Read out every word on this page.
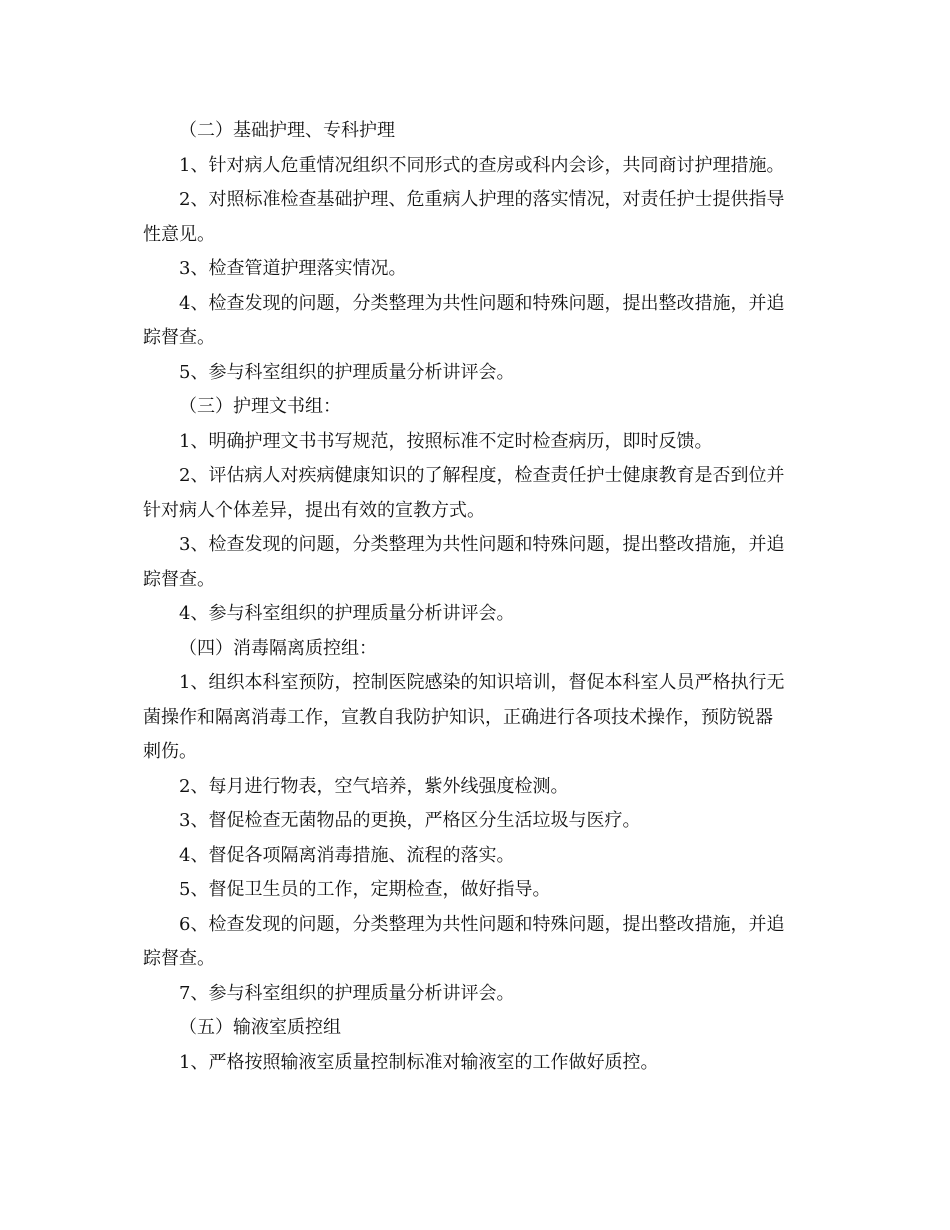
（二）基础护理、专科护理

1、针对病人危重情况组织不同形式的查房或科内会诊，共同商讨护理措施。

2、对照标准检查基础护理、危重病人护理的落实情况，对责任护士提供指导
性意见。

3、检查管道护理落实情况。

4、检查发现的问题，分类整理为共性问题和特殊问题，提出整改措施，并追
踪督查。

5、参与科室组织的护理质量分析讲评会。

（三）护理文书组：

1、明确护理文书书写规范，按照标准不定时检查病历，即时反馈。

2、评估病人对疾病健康知识的了解程度，检查责任护士健康教育是否到位并
针对病人个体差异，提出有效的宣教方式。

3、检查发现的问题，分类整理为共性问题和特殊问题，提出整改措施，并追
踪督查。

4、参与科室组织的护理质量分析讲评会。

（四）消毒隔离质控组：

1、组织本科室预防，控制医院感染的知识培训，督促本科室人员严格执行无
菌操作和隔离消毒工作，宣教自我防护知识，正确进行各项技术操作，预防锐器
刺伤。

2、每月进行物表，空气培养，紫外线强度检测。

3、督促检查无菌物品的更换，严格区分生活垃圾与医疗。

4、督促各项隔离消毒措施、流程的落实。

5、督促卫生员的工作，定期检查，做好指导。

6、检查发现的问题，分类整理为共性问题和特殊问题，提出整改措施，并追
踪督查。

7、参与科室组织的护理质量分析讲评会。

（五）输液室质控组

1、严格按照输液室质量控制标准对输液室的工作做好质控。
